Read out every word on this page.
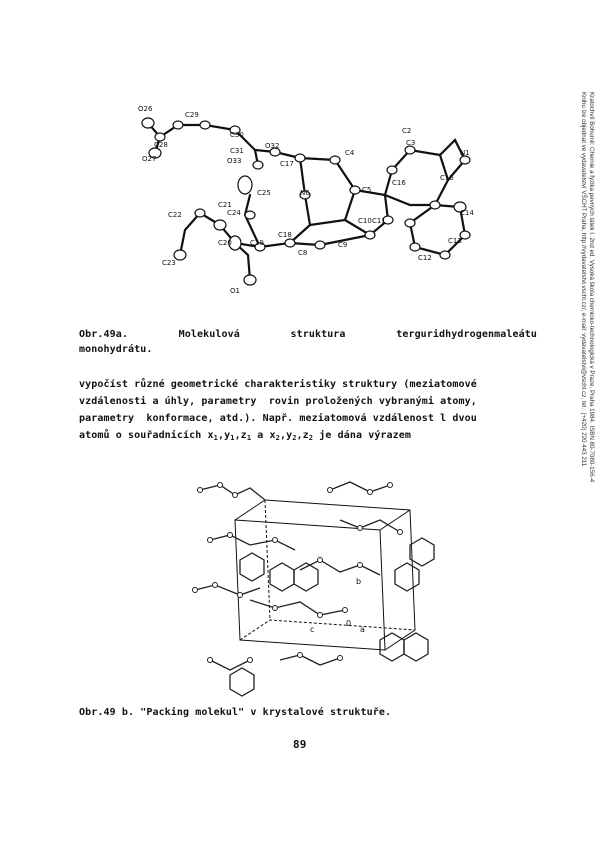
O26
C29
C28
O27
C30
C31
O33
O32
C17
C2
C3
C4	N1
C16
C15
C5
C14
N6
C25
C21
C22	C24
C23
C20	C19
C18
C10 C11
C12
C13
C9
C8
O1

Obr.49a.	Molekulová	struktura	terguridhydrogenmaleátu

monohydrátu.

vypočíst různé geometrické charakteristiky struktury (meziatomové

vzdálenosti a úhly, parametry  rovin proložených vybranými atomy,

parametry  konformace, atd.). Např. meziatomová vzdálenost l dvou

atomů o souřadnicích $x_1,y_1,z_1$ a $x_2,y_2,z_2$ je dána výrazem

b
c	a
0

Obr.49 b. "Packing molekul" v krystalové struktuře.

89

Kratochvíl Bohumil: Chemie a fyzika pevných látek I. 2nd ed. Vysoká škola chemicko-technologická v Praze, Praha 1984. ISBN 80-7080-156-4
Knihu lze objednat ve vydavatelství VŠCHT Praha, http://vydavatelstvi.vscht.cz/, e-mail: vydavatelstvi@vscht.cz, tel.: (+420) 220 443 211
